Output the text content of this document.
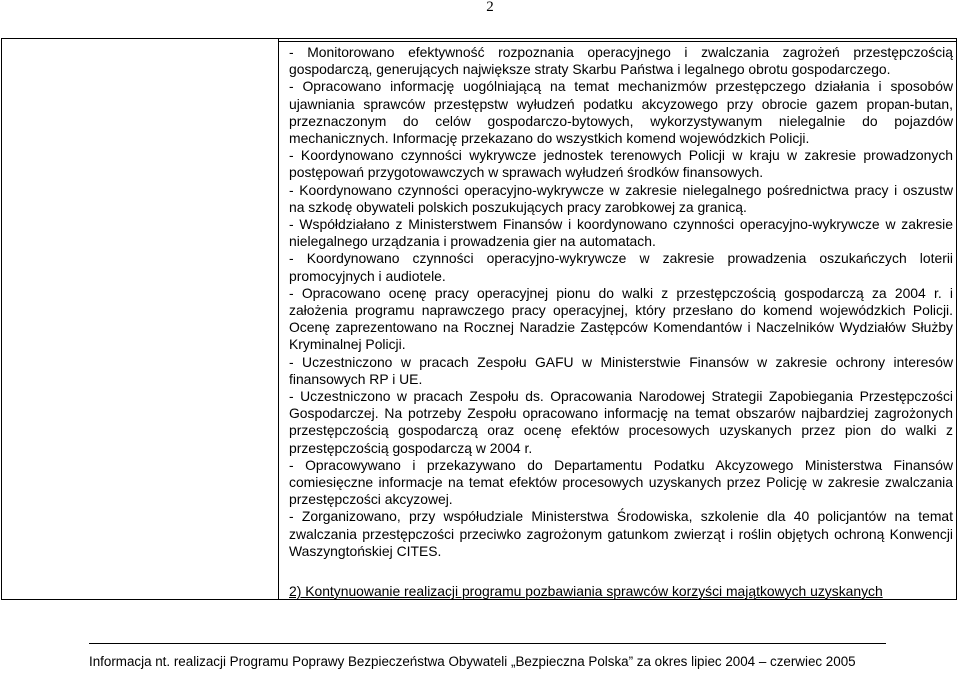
2

- Monitorowano efektywność rozpoznania operacyjnego i zwalczania zagrożeń przestępczością gospodarczą, generujących największe straty Skarbu Państwa i legalnego obrotu gospodarczego.

- Opracowano informację uogólniającą na temat mechanizmów przestępczego działania i sposobów ujawniania sprawców przestępstw wyłudzeń podatku akcyzowego przy obrocie gazem propan-butan, przeznaczonym do celów gospodarczo-bytowych, wykorzystywanym nielegalnie do pojazdów mechanicznych. Informację przekazano do wszystkich komend wojewódzkich Policji.

- Koordynowano czynności wykrywcze jednostek terenowych Policji w kraju w zakresie prowadzonych postępowań przygotowawczych w sprawach wyłudzeń środków finansowych.

- Koordynowano czynności operacyjno-wykrywcze w zakresie nielegalnego pośrednictwa pracy i oszustw na szkodę obywateli polskich poszukujących pracy zarobkowej za granicą.

- Współdziałano z Ministerstwem Finansów i koordynowano czynności operacyjno-wykrywcze w zakresie nielegalnego urządzania i prowadzenia gier na automatach.

- Koordynowano czynności operacyjno-wykrywcze w zakresie prowadzenia oszukańczych loterii promocyjnych i audiotele.

- Opracowano ocenę pracy operacyjnej pionu do walki z przestępczością gospodarczą za 2004 r. i założenia programu naprawczego pracy operacyjnej, który przesłano do komend wojewódzkich Policji. Ocenę zaprezentowano na Rocznej Naradzie Zastępców Komendantów i Naczelników Wydziałów Służby Kryminalnej Policji.

- Uczestniczono w pracach Zespołu GAFU w Ministerstwie Finansów w zakresie ochrony interesów finansowych RP i UE.

- Uczestniczono w pracach Zespołu ds. Opracowania Narodowej Strategii Zapobiegania Przestępczości Gospodarczej. Na potrzeby Zespołu opracowano informację na temat obszarów najbardziej zagrożonych przestępczością gospodarczą oraz ocenę efektów procesowych uzyskanych przez pion do walki z przestępczością gospodarczą w 2004 r.

- Opracowywano i przekazywano do Departamentu Podatku Akcyzowego Ministerstwa Finansów comiesięczne informacje na temat efektów procesowych uzyskanych przez Policję w zakresie zwalczania przestępczości akcyzowej.

- Zorganizowano, przy współudziale Ministerstwa Środowiska, szkolenie dla 40 policjantów na temat zwalczania przestępczości przeciwko zagrożonym gatunkom zwierząt i roślin objętych ochroną Konwencji Waszyngtońskiej CITES.

2) Kontynuowanie realizacji programu pozbawiania sprawców korzyści majątkowych uzyskanych
Informacja nt. realizacji Programu Poprawy Bezpieczeństwa Obywateli „Bezpieczna Polska” za okres lipiec 2004 – czerwiec 2005
